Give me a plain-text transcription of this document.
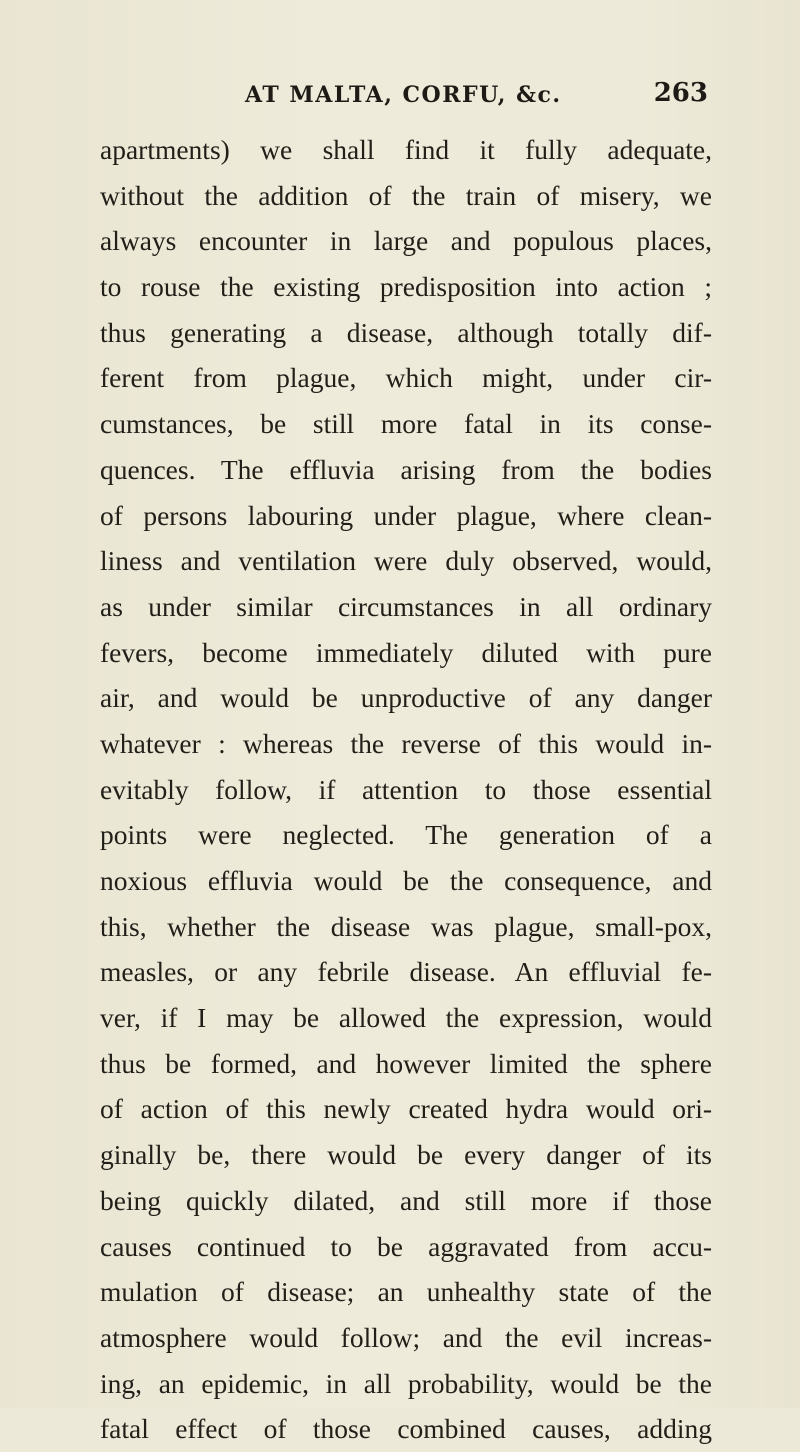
AT MALTA, CORFU, &c.	263
apartments) we shall find it fully adequate,
without the addition of the train of misery, we
always encounter in large and populous places,
to rouse the existing predisposition into action ;
thus generating a disease, although totally dif-
ferent from plague, which might, under cir-
cumstances, be still more fatal in its conse-
quences. The effluvia arising from the bodies
of persons labouring under plague, where clean-
liness and ventilation were duly observed, would,
as under similar circumstances in all ordinary
fevers, become immediately diluted with pure
air, and would be unproductive of any danger
whatever : whereas the reverse of this would in-
evitably follow, if attention to those essential
points were neglected. The generation of a
noxious effluvia would be the consequence, and
this, whether the disease was plague, small-pox,
measles, or any febrile disease. An effluvial fe-
ver, if I may be allowed the expression, would
thus be formed, and however limited the sphere
of action of this newly created hydra would ori-
ginally be, there would be every danger of its
being quickly dilated, and still more if those
causes continued to be aggravated from accu-
mulation of disease; an unhealthy state of the
atmosphere would follow; and the evil increas-
ing, an epidemic, in all probability, would be the
fatal effect of those combined causes, adding
